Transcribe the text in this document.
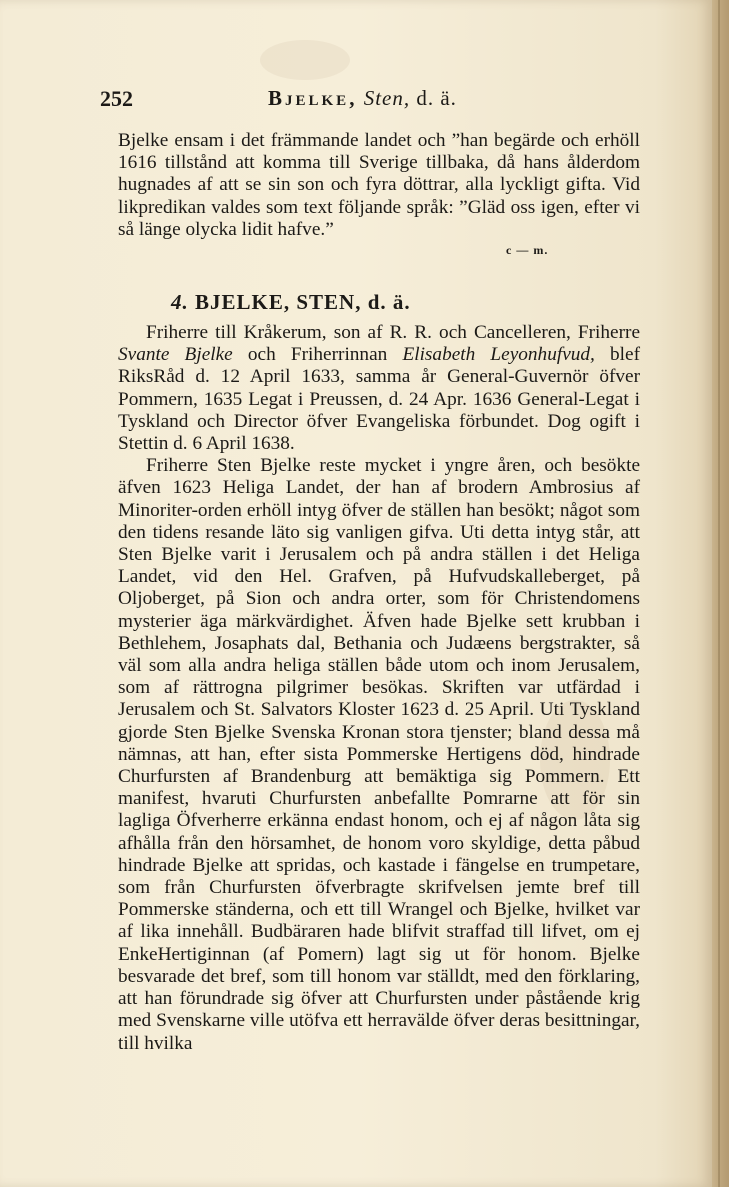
252	Bjelke, Sten, d. ä.

Bjelke ensam i det främmande landet och ”han begärde och erhöll 1616 tillstånd att komma till Sverige tillbaka, då hans ålderdom hugnades af att se sin son och fyra döttrar, alla lyckligt gifta. Vid likpredikan valdes som text följande språk: ”Gläd oss igen, efter vi så länge olycka lidit hafve.”

c — m.
4. BJELKE, STEN, d. ä.

Friherre till Kråkerum, son af R. R. och Cancelleren, Friherre Svante Bjelke och Friherrinnan Elisabeth Leyonhufvud, blef RiksRåd d. 12 April 1633, samma år General-Guvernör öfver Pommern, 1635 Legat i Preussen, d. 24 Apr. 1636 General-Legat i Tyskland och Director öfver Evangeliska förbundet. Dog ogift i Stettin d. 6 April 1638.

Friherre Sten Bjelke reste mycket i yngre åren, och besökte äfven 1623 Heliga Landet, der han af brodern Ambrosius af Minoriter-orden erhöll intyg öfver de ställen han besökt; något som den tidens resande läto sig vanligen gifva. Uti detta intyg står, att Sten Bjelke varit i Jerusalem och på andra ställen i det Heliga Landet, vid den Hel. Grafven, på Hufvudskalleberget, på Oljoberget, på Sion och andra orter, som för Christendomens mysterier äga märkvärdighet. Äfven hade Bjelke sett krubban i Bethlehem, Josaphats dal, Bethania och Judæens bergstrakter, så väl som alla andra heliga ställen både utom och inom Jerusalem, som af rättrogna pilgrimer besökas. Skriften var utfärdad i Jerusalem och St. Salvators Kloster 1623 d. 25 April. Uti Tyskland gjorde Sten Bjelke Svenska Kronan stora tjenster; bland dessa må nämnas, att han, efter sista Pommerske Hertigens död, hindrade Churfursten af Brandenburg att bemäktiga sig Pommern. Ett manifest, hvaruti Churfursten anbefallte Pomrarne att för sin lagliga Öfverherre erkänna endast honom, och ej af någon låta sig afhålla från den hörsamhet, de honom voro skyldige, detta påbud hindrade Bjelke att spridas, och kastade i fängelse en trumpetare, som från Churfursten öfverbragte skrifvelsen jemte bref till Pommerske ständerna, och ett till Wrangel och Bjelke, hvilket var af lika innehåll. Budbäraren hade blifvit straffad till lifvet, om ej EnkeHertiginnan (af Pomern) lagt sig ut för honom. Bjelke besvarade det bref, som till honom var ställdt, med den förklaring, att han förundrade sig öfver att Churfursten under påstående krig med Svenskarne ville utöfva ett herravälde öfver deras besittningar, till hvilka
